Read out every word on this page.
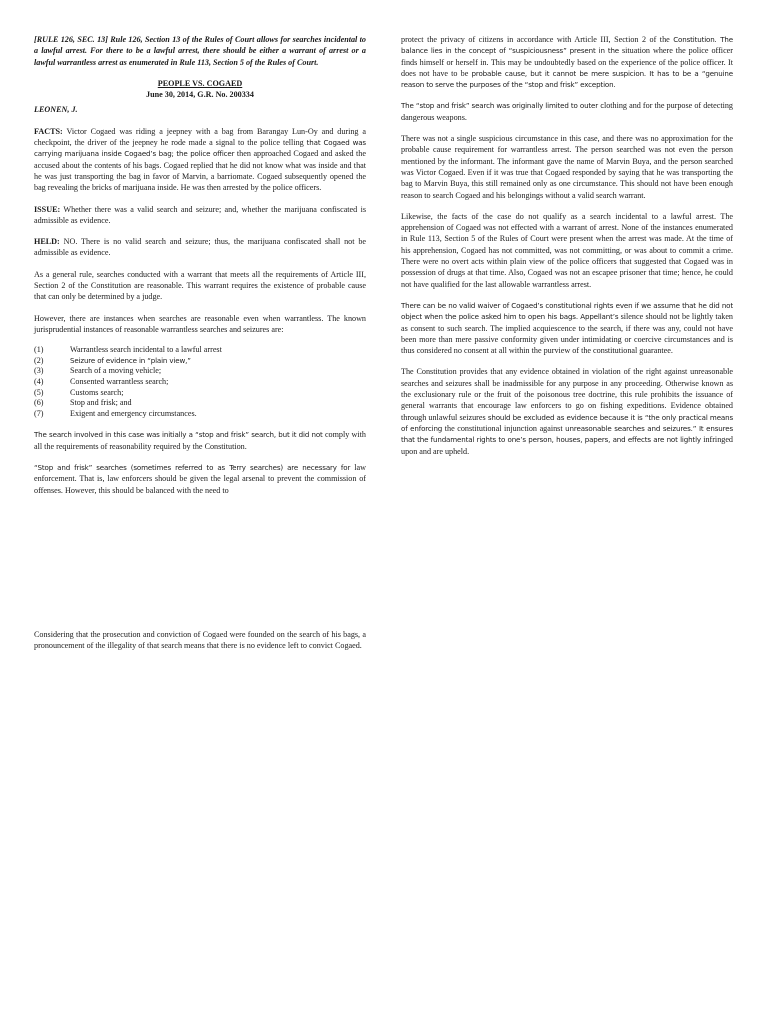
[RULE 126, SEC. 13] Rule 126, Section 13 of the Rules of Court allows for searches incidental to a lawful arrest. For there to be a lawful arrest, there should be either a warrant of arrest or a lawful warrantless arrest as enumerated in Rule 113, Section 5 of the Rules of Court.

PEOPLE VS. COGAED

June 30, 2014, G.R. No. 200334

LEONEN, J.

FACTS: Victor Cogaed was riding a jeepney with a bag from Barangay Lun-Oy and during a checkpoint, the driver of the jeepney he rode made a signal to the police telling that Cogaed was carrying marijuana inside Cogaed’s bag; the police officer then approached Cogaed and asked the accused about the contents of his bags. Cogaed replied that he did not know what was inside and that he was just transporting the bag in favor of Marvin, a barriomate. Cogaed subsequently opened the bag revealing the bricks of marijuana inside. He was then arrested by the police officers.

ISSUE: Whether there was a valid search and seizure; and, whether the marijuana confiscated is admissible as evidence.

HELD: NO. There is no valid search and seizure; thus, the marijuana confiscated shall not be admissible as evidence.

As a general rule, searches conducted with a warrant that meets all the requirements of Article III, Section 2 of the Constitution are reasonable. This warrant requires the existence of probable cause that can only be determined by a judge.

However, there are instances when searches are reasonable even when warrantless. The known jurisprudential instances of reasonable warrantless searches and seizures are:

(1)	Warrantless search incidental to a lawful arrest
(2)	Seizure of evidence in “plain view,”
(3)	Search of a moving vehicle;
(4)	Consented warrantless search;
(5)	Customs search;
(6)	Stop and frisk; and
(7)	Exigent and emergency circumstances.

The search involved in this case was initially a “stop and frisk” search, but it did not comply with all the requirements of reasonability required by the Constitution.

“Stop and frisk” searches (sometimes referred to as Terry searches) are necessary for law enforcement. That is, law enforcers should be given the legal arsenal to prevent the commission of offenses. However, this should be balanced with the need to

Considering that the prosecution and conviction of Cogaed were founded on the search of his bags, a pronouncement of the illegality of that search means that there is no evidence left to convict Cogaed.

protect the privacy of citizens in accordance with Article III, Section 2 of the Constitution. The balance lies in the concept of “suspiciousness” present in the situation where the police officer finds himself or herself in. This may be undoubtedly based on the experience of the police officer. It does not have to be probable cause, but it cannot be mere suspicion. It has to be a “genuine reason to serve the purposes of the “stop and frisk” exception.

The “stop and frisk” search was originally limited to outer clothing and for the purpose of detecting dangerous weapons.

There was not a single suspicious circumstance in this case, and there was no approximation for the probable cause requirement for warrantless arrest. The person searched was not even the person mentioned by the informant. The informant gave the name of Marvin Buya, and the person searched was Victor Cogaed. Even if it was true that Cogaed responded by saying that he was transporting the bag to Marvin Buya, this still remained only as one circumstance. This should not have been enough reason to search Cogaed and his belongings without a valid search warrant.

Likewise, the facts of the case do not qualify as a search incidental to a lawful arrest. The apprehension of Cogaed was not effected with a warrant of arrest. None of the instances enumerated in Rule 113, Section 5 of the Rules of Court were present when the arrest was made. At the time of his apprehension, Cogaed has not committed, was not committing, or was about to commit a crime. There were no overt acts within plain view of the police officers that suggested that Cogaed was in possession of drugs at that time. Also, Cogaed was not an escapee prisoner that time; hence, he could not have qualified for the last allowable warrantless arrest.

There can be no valid waiver of Cogaed’s constitutional rights even if we assume that he did not object when the police asked him to open his bags. Appellant’s silence should not be lightly taken as consent to such search. The implied acquiescence to the search, if there was any, could not have been more than mere passive conformity given under intimidating or coercive circumstances and is thus considered no consent at all within the purview of the constitutional guarantee.

The Constitution provides that any evidence obtained in violation of the right against unreasonable searches and seizures shall be inadmissible for any purpose in any proceeding. Otherwise known as the exclusionary rule or the fruit of the poisonous tree doctrine, this rule prohibits the issuance of general warrants that encourage law enforcers to go on fishing expeditions. Evidence obtained through unlawful seizures should be excluded as evidence because it is “the only practical means of enforcing the constitutional injunction against unreasonable searches and seizures.” It ensures that the fundamental rights to one’s person, houses, papers, and effects are not lightly infringed upon and are upheld.
